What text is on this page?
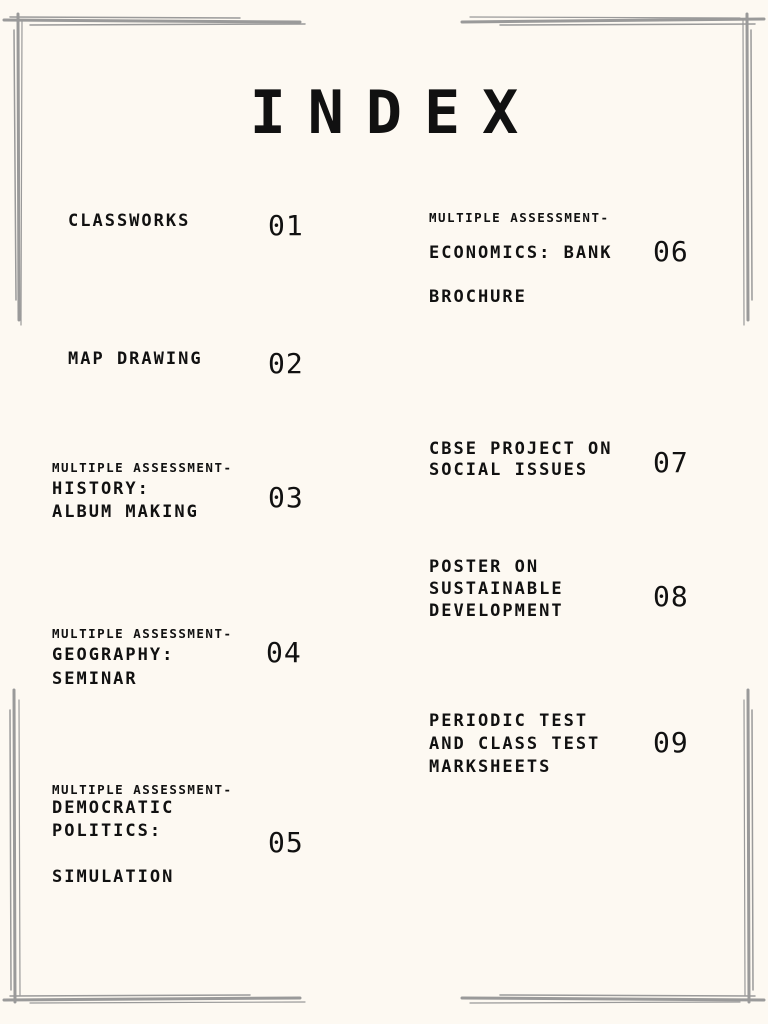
INDEX
CLASSWORKS	01
MAP DRAWING 02
MULTIPLE ASSESSMENT-
HISTORY:
ALBUM MAKING 03
MULTIPLE ASSESSMENT-
GEOGRAPHY:
SEMINAR
04
MULTIPLE ASSESSMENT-
DEMOCRATIC
POLITICS:
SIMULATION
05
MULTIPLE ASSESSMENT-
ECONOMICS: BANK
BROCHURE
06
CBSE PROJECT ON
SOCIAL ISSUES 07
POSTER ON
SUSTAINABLE
DEVELOPMENT	08
PERIODIC TEST
AND CLASS TEST
MARKSHEETS
09
